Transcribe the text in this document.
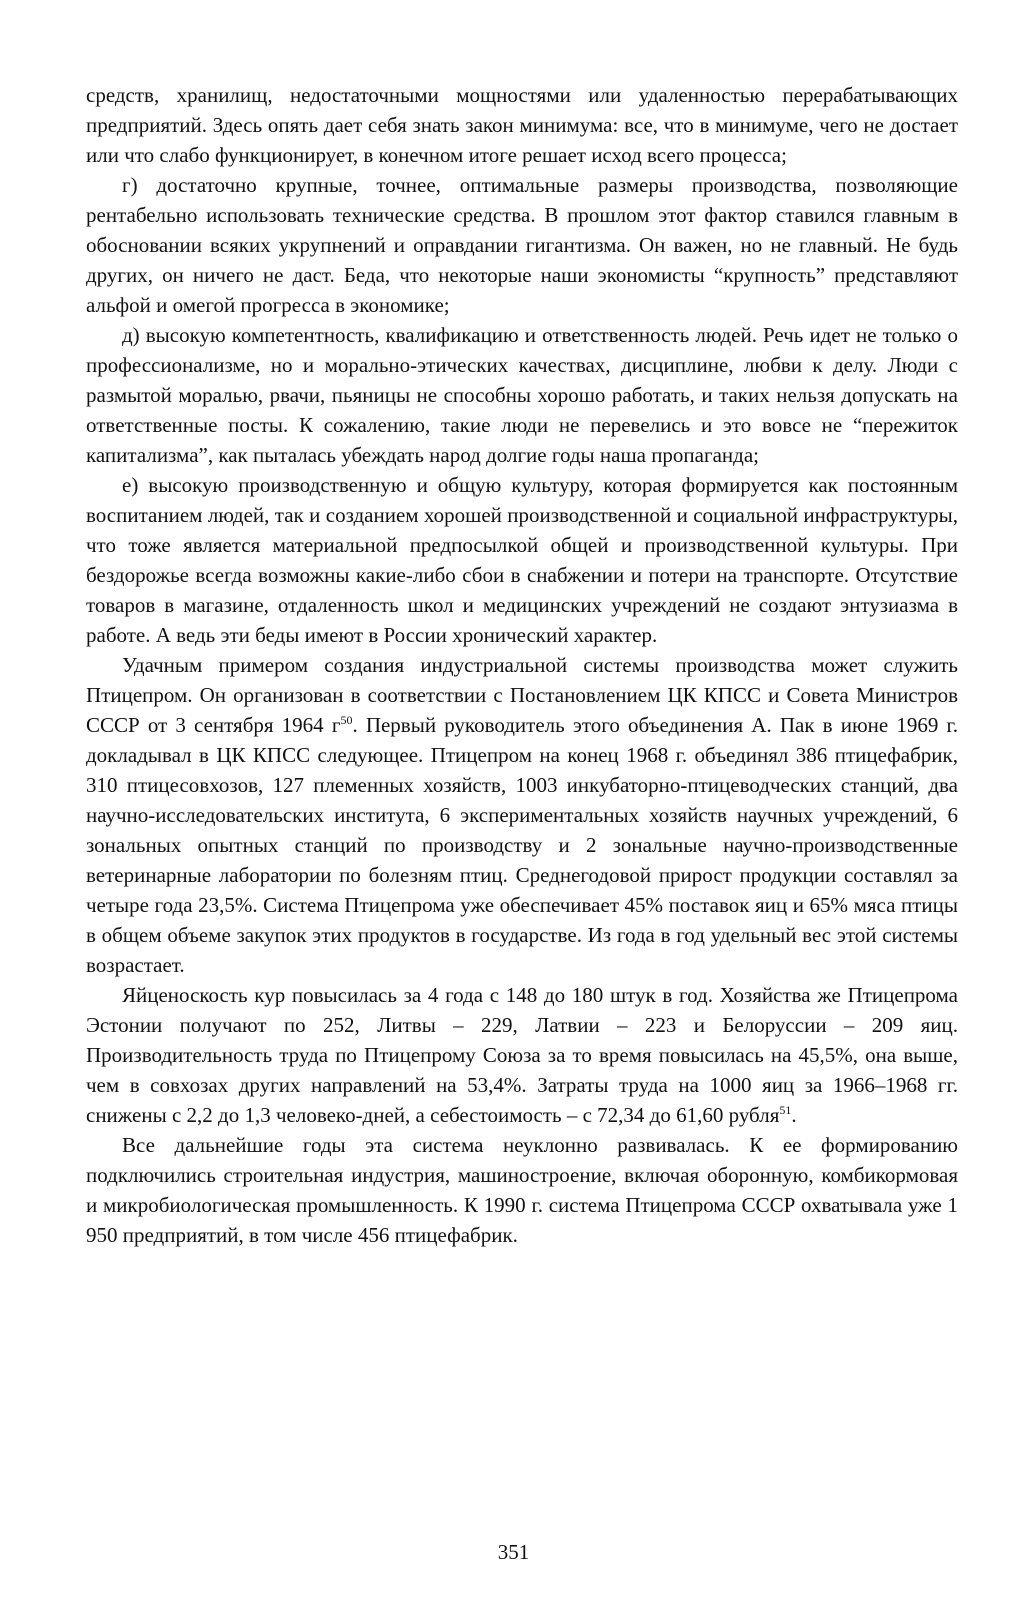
средств, хранилищ, недостаточными мощностями или удаленностью перерабатывающих предприятий. Здесь опять дает себя знать закон минимума: все, что в минимуме, чего не достает или что слабо функционирует, в конечном итоге решает исход всего процесса;

г) достаточно крупные, точнее, оптимальные размеры производства, позволяющие рентабельно использовать технические средства. В прошлом этот фактор ставился главным в обосновании всяких укрупнений и оправдании гигантизма. Он важен, но не главный. Не будь других, он ничего не даст. Беда, что некоторые наши экономисты “крупность” представляют альфой и омегой прогресса в экономике;

д) высокую компетентность, квалификацию и ответственность людей. Речь идет не только о профессионализме, но и морально-этических качествах, дисциплине, любви к делу. Люди с размытой моралью, рвачи, пьяницы не способны хорошо работать, и таких нельзя допускать на ответственные посты. К сожалению, такие люди не перевелись и это вовсе не “пережиток капитализма”, как пыталась убеждать народ долгие годы наша пропаганда;

е) высокую производственную и общую культуру, которая формируется как постоянным воспитанием людей, так и созданием хорошей производственной и социальной инфраструктуры, что тоже является материальной предпосылкой общей и производственной культуры. При бездорожье всегда возможны какие-либо сбои в снабжении и потери на транспорте. Отсутствие товаров в магазине, отдаленность школ и медицинских учреждений не создают энтузиазма в работе. А ведь эти беды имеют в России хронический характер.

Удачным примером создания индустриальной системы производства может служить Птицепром. Он организован в соответствии с Постановлением ЦК КПСС и Совета Министров СССР от 3 сентября 1964 $г^{50}$. Первый руководитель этого объединения А. Пак в июне 1969 г. докладывал в ЦК КПСС следующее. Птицепром на конец 1968 г. объединял 386 птицефабрик, 310 птицесовхозов, 127 племенных хозяйств, 1003 инкубаторно-птицеводческих станций, два научно-исследовательских института, 6 экспериментальных хозяйств научных учреждений, 6 зональных опытных станций по производству и 2 зональные научно-производственные ветеринарные лаборатории по болезням птиц. Среднегодовой прирост продукции составлял за четыре года 23,5%. Система Птицепрома уже обеспечивает 45% поставок яиц и 65% мяса птицы в общем объеме закупок этих продуктов в государстве. Из года в год удельный вес этой системы возрастает.

Яйценоскость кур повысилась за 4 года с 148 до 180 штук в год. Хозяйства же Птицепрома Эстонии получают по 252, Литвы – 229, Латвии – 223 и Белоруссии – 209 яиц. Производительность труда по Птицепрому Союза за то время повысилась на 45,5%, она выше, чем в совхозах других направлений на 53,4%. Затраты труда на 1000 яиц за 1966–1968 гг. снижены с 2,2 до 1,3 человеко-дней, а себестоимость – с 72,34 до 61,60 рубля$^{51}$.

Все дальнейшие годы эта система неуклонно развивалась. К ее формированию подключились строительная индустрия, машиностроение, включая оборонную, комбикормовая и микробиологическая промышленность. К 1990 г. система Птицепрома СССР охватывала уже 1 950 предприятий, в том числе 456 птицефабрик.

351
